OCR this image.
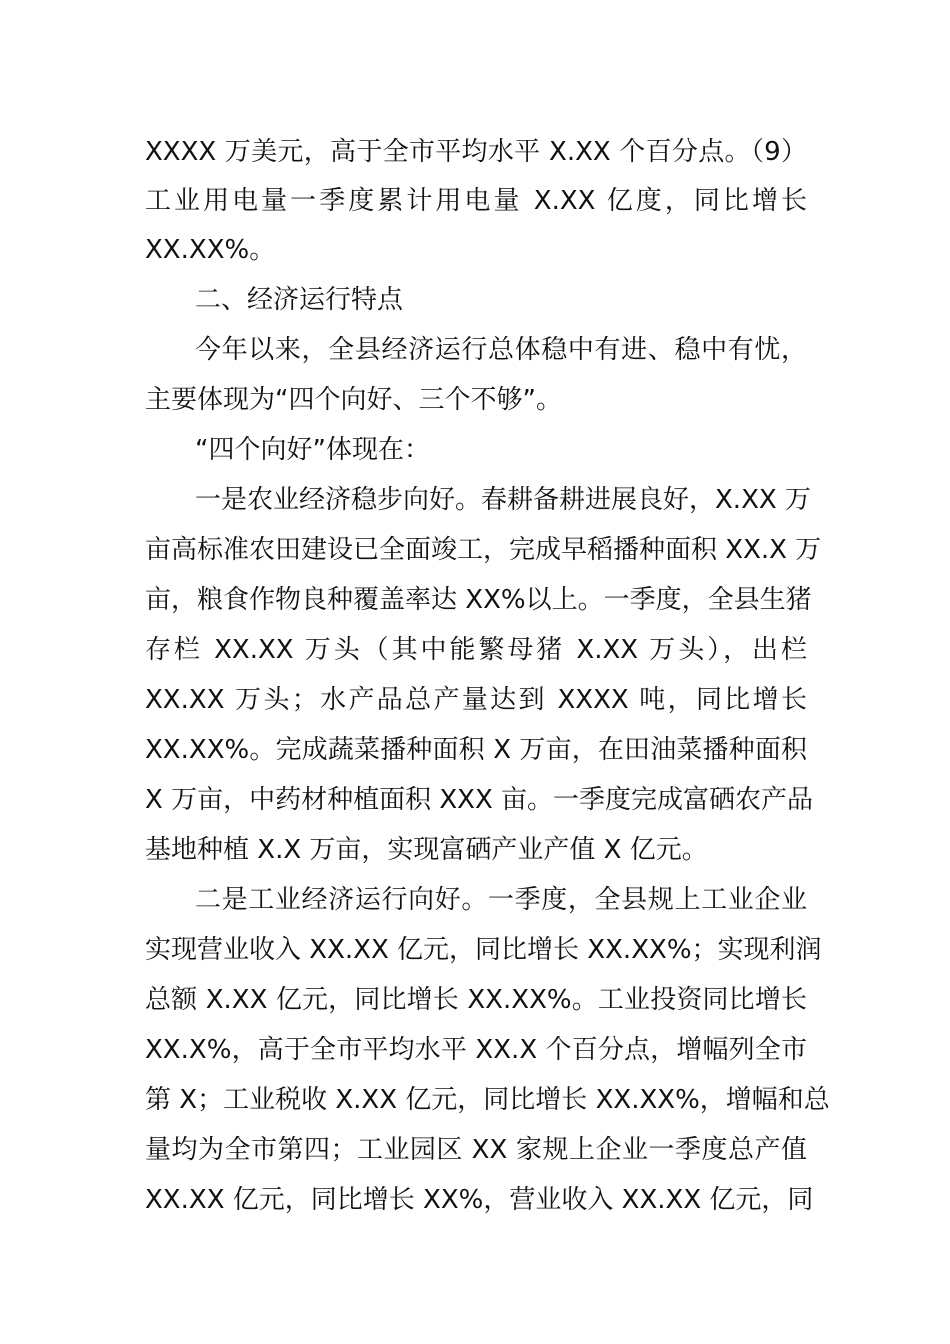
XXXX 万美元，高于全市平均水平 X.XX 个百分点。（9）
工业用电量一季度累计用电量 X.XX 亿度，同比增长
XX.XX%。
二、经济运行特点
今年以来，全县经济运行总体稳中有进、稳中有忧，
主要体现为“四个向好、三个不够”。
“四个向好”体现在：
一是农业经济稳步向好。春耕备耕进展良好，X.XX 万
亩高标准农田建设已全面竣工，完成早稻播种面积 XX.X 万
亩，粮食作物良种覆盖率达 XX%以上。一季度，全县生猪
存栏 XX.XX 万头（其中能繁母猪 X.XX 万头），出栏
XX.XX 万头；水产品总产量达到 XXXX 吨，同比增长
XX.XX%。完成蔬菜播种面积 X 万亩，在田油菜播种面积
X 万亩，中药材种植面积 XXX 亩。一季度完成富硒农产品
基地种植 X.X 万亩，实现富硒产业产值 X 亿元。
二是工业经济运行向好。一季度，全县规上工业企业
实现营业收入 XX.XX 亿元，同比增长 XX.XX%；实现利润
总额 X.XX 亿元，同比增长 XX.XX%。工业投资同比增长
XX.X%，高于全市平均水平 XX.X 个百分点，增幅列全市
第 X；工业税收 X.XX 亿元，同比增长 XX.XX%，增幅和总
量均为全市第四；工业园区 XX 家规上企业一季度总产值
XX.XX 亿元，同比增长 XX%，营业收入 XX.XX 亿元，同
